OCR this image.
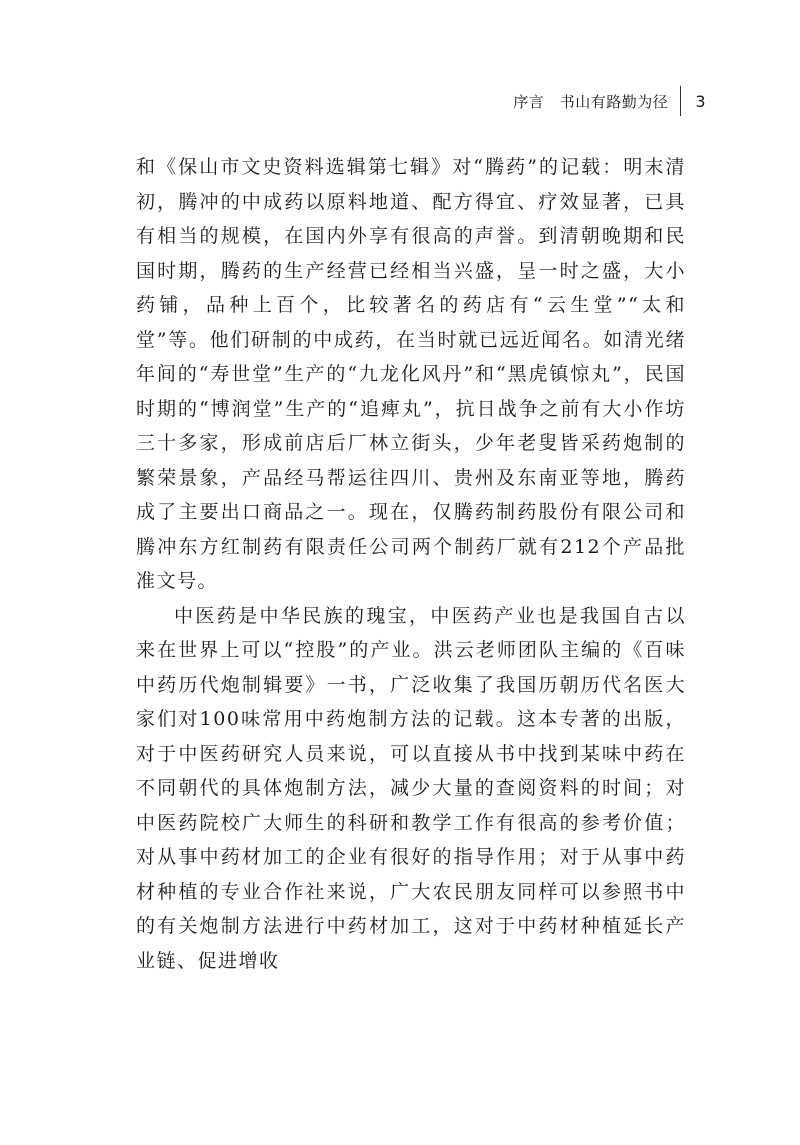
序言　书山有路勤为径	3

和《保山市文史资料选辑第七辑》对“腾药”的记载：明末清初，腾冲的中成药以原料地道、配方得宜、疗效显著，已具有相当的规模，在国内外享有很高的声誉。到清朝晚期和民国时期，腾药的生产经营已经相当兴盛，呈一时之盛，大小药铺，品种上百个，比较著名的药店有“云生堂”“太和堂”等。他们研制的中成药，在当时就已远近闻名。如清光绪年间的“寿世堂”生产的“九龙化风丹”和“黑虎镇惊丸”，民国时期的“博润堂”生产的“追痺丸”，抗日战争之前有大小作坊三十多家，形成前店后厂林立街头，少年老叟皆采药炮制的繁荣景象，产品经马帮运往四川、贵州及东南亚等地，腾药成了主要出口商品之一。现在，仅腾药制药股份有限公司和腾冲东方红制药有限责任公司两个制药厂就有212个产品批准文号。

中医药是中华民族的瑰宝，中医药产业也是我国自古以来在世界上可以“控股”的产业。洪云老师团队主编的《百味中药历代炮制辑要》一书，广泛收集了我国历朝历代名医大家们对100味常用中药炮制方法的记载。这本专著的出版，对于中医药研究人员来说，可以直接从书中找到某味中药在不同朝代的具体炮制方法，减少大量的查阅资料的时间；对中医药院校广大师生的科研和教学工作有很高的参考价值；对从事中药材加工的企业有很好的指导作用；对于从事中药材种植的专业合作社来说，广大农民朋友同样可以参照书中的有关炮制方法进行中药材加工，这对于中药材种植延长产业链、促进增收
